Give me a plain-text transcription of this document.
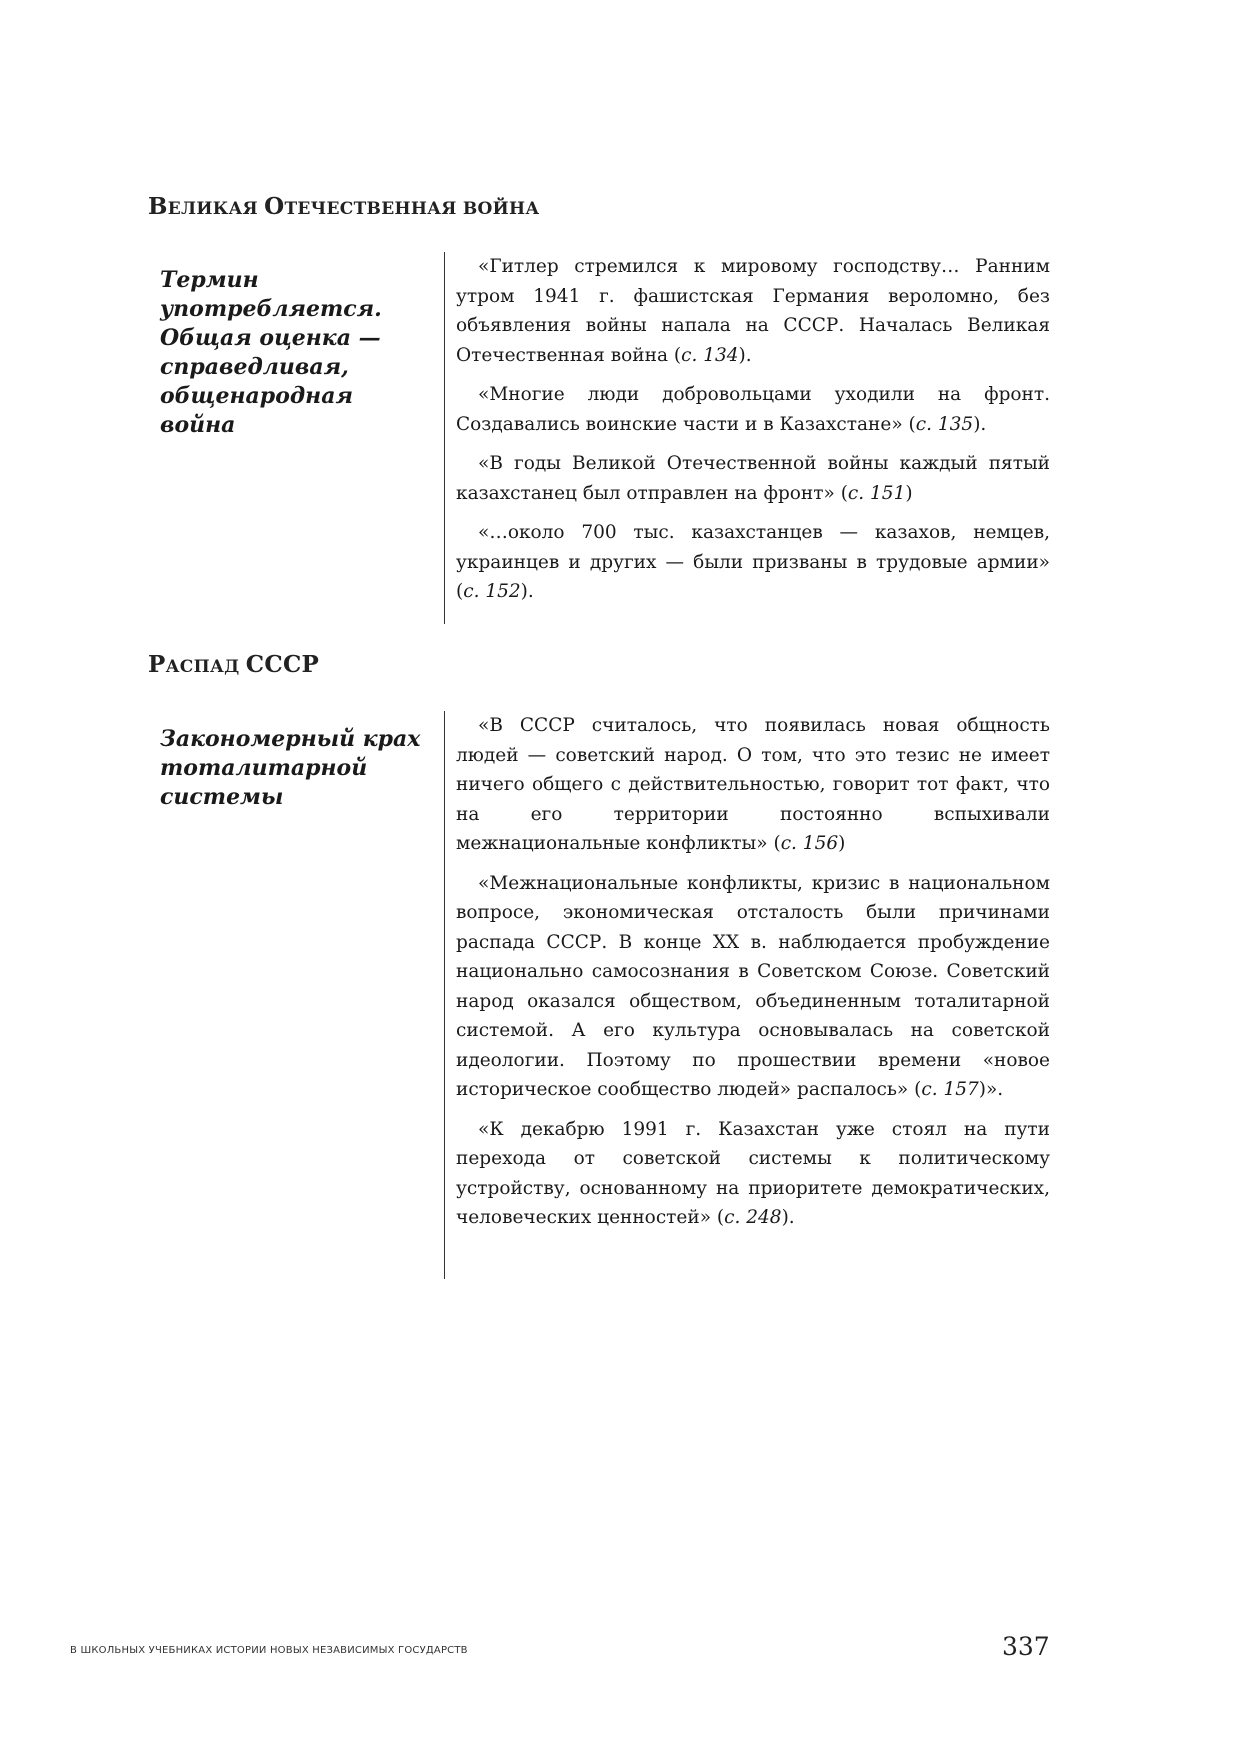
ВЕЛИКАЯ ОТЕЧЕСТВЕННАЯ ВОЙНА
Термин
употребляется.
Общая оценка —
справедливая,
общенародная война

«Гитлер стремился к мировому господству… Ранним утром 1941 г. фашистская Германия вероломно, без объявления войны напала на СССР. Началась Великая Отечественная война (с. 134).

«Многие люди добровольцами уходили на фронт. Создавались воинские части и в Казахстане» (с. 135).

«В годы Великой Отечественной войны каждый пятый казахстанец был отправлен на фронт» (с. 151)

«…около 700 тыс. казахстанцев — казахов, немцев, украинцев и других — были призваны в трудовые армии» (с. 152).

РАСПАД СССР
Закономерный крах
тоталитарной
системы

«В СССР считалось, что появилась новая общность людей — советский народ. О том, что это тезис не имеет ничего общего с действительностью, говорит тот факт, что на его территории постоянно вспыхивали межнациональные конфликты» (с. 156)

«Межнациональные конфликты, кризис в национальном вопросе, экономическая отсталость были причинами распада СССР. В конце XX в. наблюдается пробуждение национально самосознания в Советском Союзе. Советский народ оказался обществом, объединенным тоталитарной системой. А его культура основывалась на советской идеологии. Поэтому по прошествии времени «новое историческое сообщество людей» распалось» (с. 157)».

«К декабрю 1991 г. Казахстан уже стоял на пути перехода от советской системы к политическому устройству, основанному на приоритете демократических, человеческих ценностей» (с. 248).

В ШКОЛЬНЫХ УЧЕБНИКАХ ИСТОРИИ НОВЫХ НЕЗАВИСИМЫХ ГОСУДАРСТВ	337
